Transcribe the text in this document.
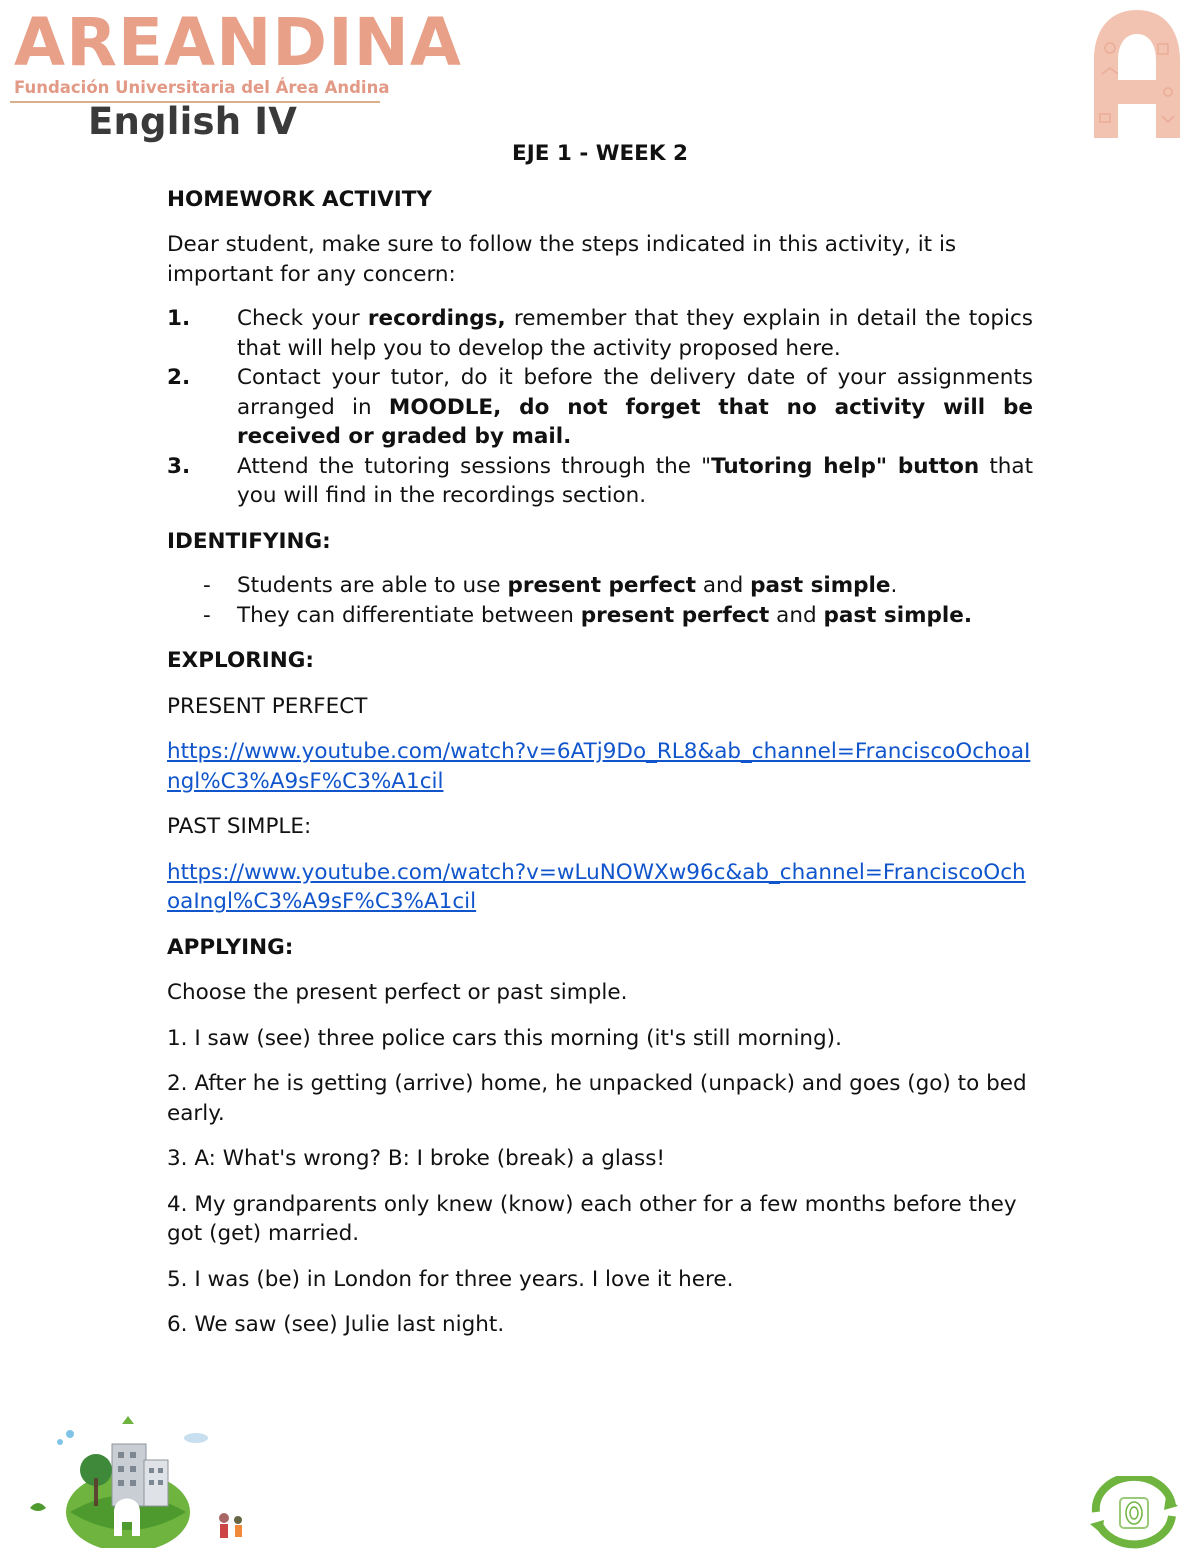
AREANDINA
Fundación Universitaria del Área Andina
English IV
EJE 1 - WEEK 2
HOMEWORK ACTIVITY

Dear student, make sure to follow the steps indicated in this activity, it is important for any concern:

1.	Check your recordings, remember that they explain in detail the topics that will help you to develop the activity proposed here.
2.	Contact your tutor, do it before the delivery date of your assignments arranged in MOODLE, do not forget that no activity will be received or graded by mail.
3.	Attend the tutoring sessions through the "Tutoring help" button that you will find in the recordings section.
IDENTIFYING:
-	Students are able to use present perfect and past simple.
-	They can differentiate between present perfect and past simple.
EXPLORING:

PRESENT PERFECT

https://www.youtube.com/watch?v=6ATj9Do_RL8&ab_channel=FranciscoOchoaIngl%C3%A9sF%C3%A1cil

PAST SIMPLE:

https://www.youtube.com/watch?v=wLuNOWXw96c&ab_channel=FranciscoOchoaIngl%C3%A9sF%C3%A1cil

APPLYING:

Choose the present perfect or past simple.

1. I saw (see) three police cars this morning (it's still morning).

2. After he is getting (arrive) home, he unpacked (unpack) and goes (go) to bed early.

3. A: What's wrong? B: I broke (break) a glass!

4. My grandparents only knew (know) each other for a few months before they got (get) married.

5. I was (be) in London for three years. I love it here.

6. We saw (see) Julie last night.
